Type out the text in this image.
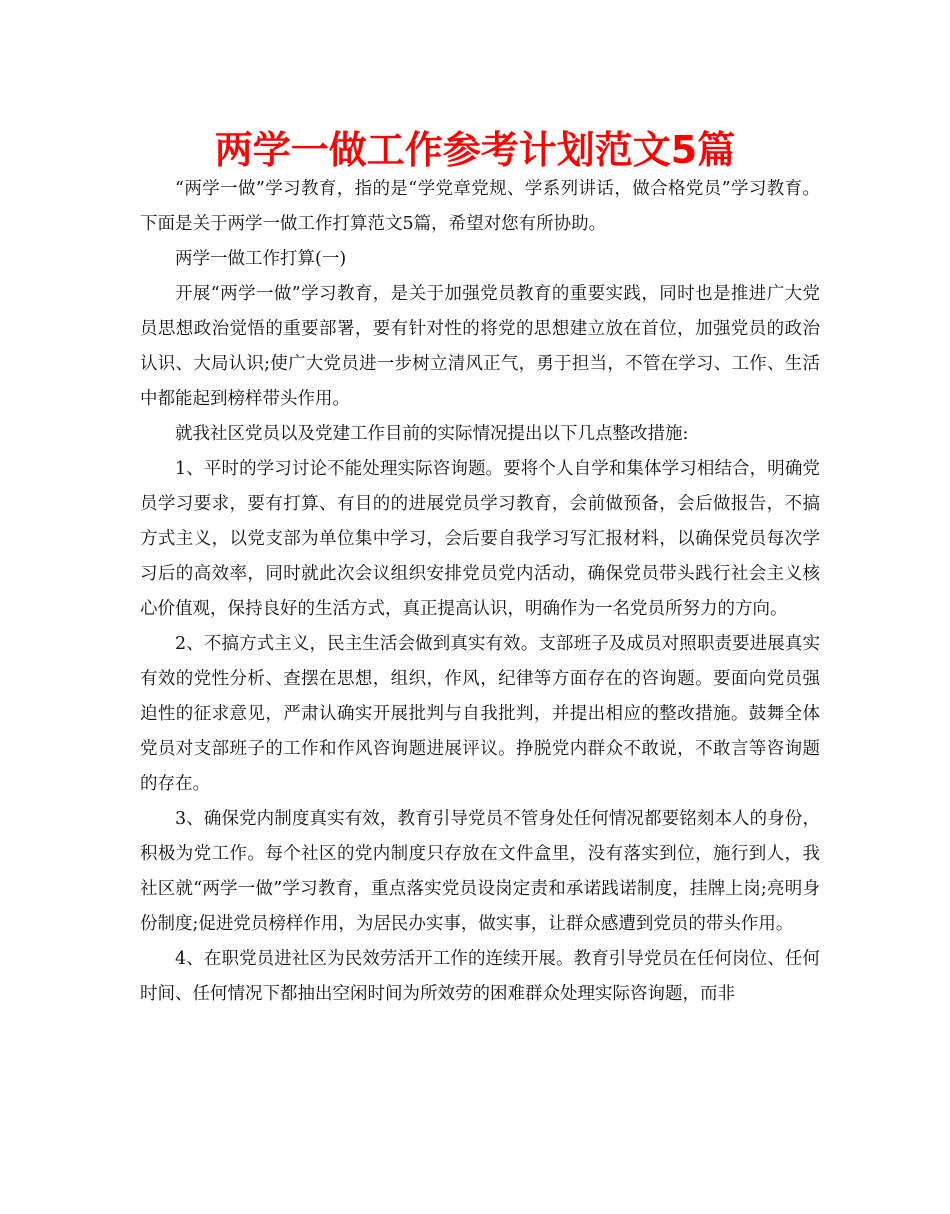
两学一做工作参考计划范文5篇

“两学一做”学习教育，指的是“学党章党规、学系列讲话，做合格党员”学习教育。下面是关于两学一做工作打算范文5篇，希望对您有所协助。

两学一做工作打算(一)

开展“两学一做”学习教育，是关于加强党员教育的重要实践，同时也是推进广大党员思想政治觉悟的重要部署，要有针对性的将党的思想建立放在首位，加强党员的政治认识、大局认识;使广大党员进一步树立清风正气，勇于担当，不管在学习、工作、生活中都能起到榜样带头作用。

就我社区党员以及党建工作目前的实际情况提出以下几点整改措施:

1、平时的学习讨论不能处理实际咨询题。要将个人自学和集体学习相结合，明确党员学习要求，要有打算、有目的的进展党员学习教育，会前做预备，会后做报告，不搞方式主义，以党支部为单位集中学习，会后要自我学习写汇报材料，以确保党员每次学习后的高效率，同时就此次会议组织安排党员党内活动，确保党员带头践行社会主义核心价值观，保持良好的生活方式，真正提高认识，明确作为一名党员所努力的方向。

2、不搞方式主义，民主生活会做到真实有效。支部班子及成员对照职责要进展真实有效的党性分析、查摆在思想，组织，作风，纪律等方面存在的咨询题。要面向党员强迫性的征求意见，严肃认确实开展批判与自我批判，并提出相应的整改措施。鼓舞全体党员对支部班子的工作和作风咨询题进展评议。挣脱党内群众不敢说，不敢言等咨询题的存在。

3、确保党内制度真实有效，教育引导党员不管身处任何情况都要铭刻本人的身份，积极为党工作。每个社区的党内制度只存放在文件盒里，没有落实到位，施行到人，我社区就“两学一做”学习教育，重点落实党员设岗定责和承诺践诺制度，挂牌上岗;亮明身份制度;促进党员榜样作用，为居民办实事，做实事，让群众感遭到党员的带头作用。

4、在职党员进社区为民效劳活开工作的连续开展。教育引导党员在任何岗位、任何时间、任何情况下都抽出空闲时间为所效劳的困难群众处理实际咨询题，而非
